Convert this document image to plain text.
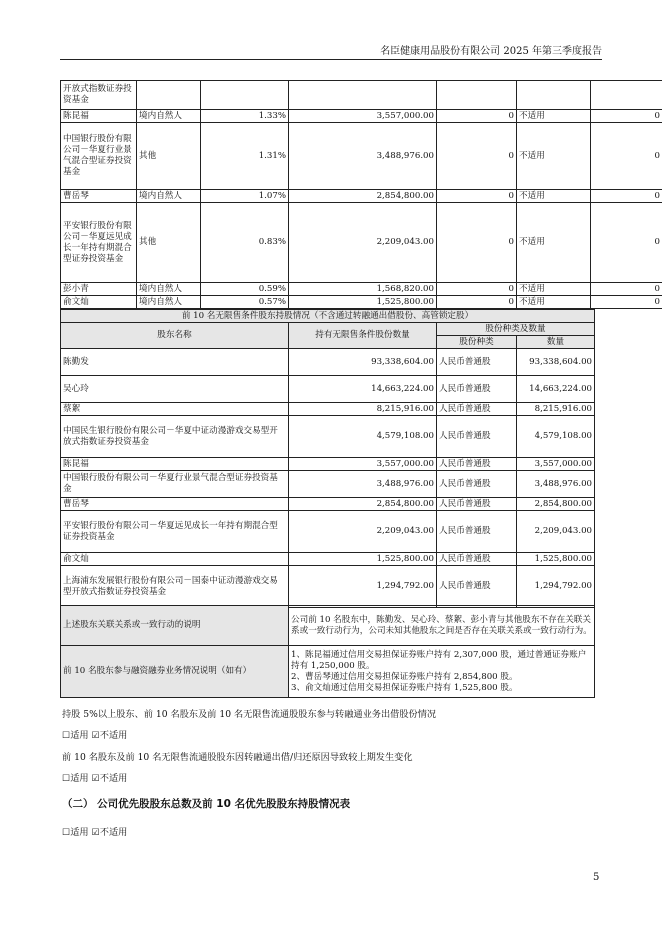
名臣健康用品股份有限公司 2025 年第三季度报告
开放式指数证券投资基金						
陈昆福	境内自然人	1.33%	3,557,000.00	0	不适用	0
中国银行股份有限公司－华夏行业景气混合型证券投资基金	其他	1.31%	3,488,976.00	0	不适用	0
曹岳琴	境内自然人	1.07%	2,854,800.00	0	不适用	0
平安银行股份有限公司－华夏远见成长一年持有期混合型证券投资基金	其他	0.83%	2,209,043.00	0	不适用	0
彭小青	境内自然人	0.59%	1,568,820.00	0	不适用	0
俞文灿	境内自然人	0.57%	1,525,800.00	0	不适用	0
前 10 名无限售条件股东持股情况（不含通过转融通出借股份、高管锁定股）			
股东名称	持有无限售条件股份数量	股份种类及数量	
		股份种类	数量
陈勤发	93,338,604.00	人民币普通股	93,338,604.00
吴心玲	14,663,224.00	人民币普通股	14,663,224.00
蔡絮	8,215,916.00	人民币普通股	8,215,916.00
中国民生银行股份有限公司－华夏中证动漫游戏交易型开放式指数证券投资基金	4,579,108.00	人民币普通股	4,579,108.00
陈昆福	3,557,000.00	人民币普通股	3,557,000.00
中国银行股份有限公司－华夏行业景气混合型证券投资基金	3,488,976.00	人民币普通股	3,488,976.00
曹岳琴	2,854,800.00	人民币普通股	2,854,800.00
平安银行股份有限公司－华夏远见成长一年持有期混合型证券投资基金	2,209,043.00	人民币普通股	2,209,043.00
俞文灿	1,525,800.00	人民币普通股	1,525,800.00
上海浦东发展银行股份有限公司－国泰中证动漫游戏交易型开放式指数证券投资基金	1,294,792.00	人民币普通股	1,294,792.00
上述股东关联关系或一致行动的说明	公司前 10 名股东中，陈勤发、吴心玲、蔡絮、彭小青与其他股东不存在关联关系或一致行动行为，公司未知其他股东之间是否存在关联关系或一致行动行为。
前 10 名股东参与融资融券业务情况说明（如有）	1、陈昆福通过信用交易担保证券账户持有 2,307,000 股，通过普通证券账户持有 1,250,000 股。
2、曹岳琴通过信用交易担保证券账户持有 2,854,800 股。
3、俞文灿通过信用交易担保证券账户持有 1,525,800 股。
持股 5%以上股东、前 10 名股东及前 10 名无限售流通股股东参与转融通业务出借股份情况
☐适用 ☑不适用
前 10 名股东及前 10 名无限售流通股股东因转融通出借/归还原因导致较上期发生变化
☐适用 ☑不适用
（二） 公司优先股股东总数及前 10 名优先股股东持股情况表
☐适用 ☑不适用
5
